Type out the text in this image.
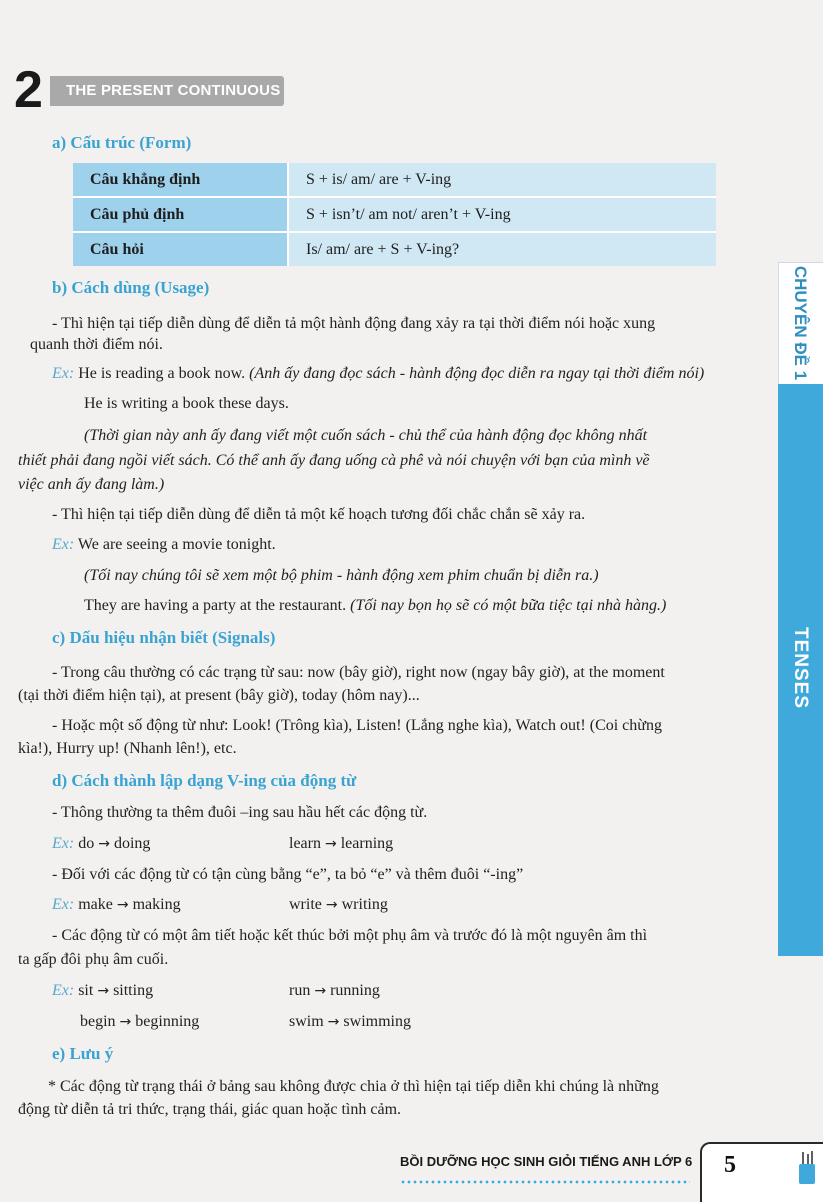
2 THE PRESENT CONTINUOUS
a) Cấu trúc (Form)
Câu khẳng định	S + is/ am/ are + V-ing
Câu phủ định	S + isn’t/ am not/ aren’t + V-ing
Câu hỏi	Is/ am/ are + S + V-ing?
b) Cách dùng (Usage)
- Thì hiện tại tiếp diễn dùng để diễn tả một hành động đang xảy ra tại thời điểm nói hoặc xung
quanh thời điểm nói.
Ex: He is reading a book now. (Anh ấy đang đọc sách - hành động đọc diễn ra ngay tại thời điểm nói)
He is writing a book these days.
(Thời gian này anh ấy đang viết một cuốn sách - chủ thể của hành động đọc không nhất
thiết phải đang ngồi viết sách. Có thể anh ấy đang uống cà phê và nói chuyện với bạn của mình về
việc anh ấy đang làm.)
- Thì hiện tại tiếp diễn dùng để diễn tả một kế hoạch tương đối chắc chắn sẽ xảy ra.
Ex: We are seeing a movie tonight.
(Tối nay chúng tôi sẽ xem một bộ phim - hành động xem phim chuẩn bị diễn ra.)
They are having a party at the restaurant. (Tối nay bọn họ sẽ có một bữa tiệc tại nhà hàng.)
c) Dấu hiệu nhận biết (Signals)
- Trong câu thường có các trạng từ sau: now (bây giờ), right now (ngay bây giờ), at the moment
(tại thời điểm hiện tại), at present (bây giờ), today (hôm nay)...
- Hoặc một số động từ như: Look! (Trông kìa), Listen! (Lắng nghe kìa), Watch out! (Coi chừng
kìa!), Hurry up! (Nhanh lên!), etc.
d) Cách thành lập dạng V-ing của động từ
- Thông thường ta thêm đuôi –ing sau hầu hết các động từ.
Ex: do → doing	learn → learning
- Đối với các động từ có tận cùng bằng “e”, ta bỏ “e” và thêm đuôi “-ing”
Ex: make → making	write → writing
- Các động từ có một âm tiết hoặc kết thúc bởi một phụ âm và trước đó là một nguyên âm thì
ta gấp đôi phụ âm cuối.
Ex: sit → sitting	run → running
begin → beginning	swim → swimming
e) Lưu ý
* Các động từ trạng thái ở bảng sau không được chia ở thì hiện tại tiếp diễn khi chúng là những
động từ diễn tả tri thức, trạng thái, giác quan hoặc tình cảm.
CHUYÊN ĐỀ 1
TENSES
BỒI DƯỠNG HỌC SINH GIỎI TIẾNG ANH LỚP 6 5
